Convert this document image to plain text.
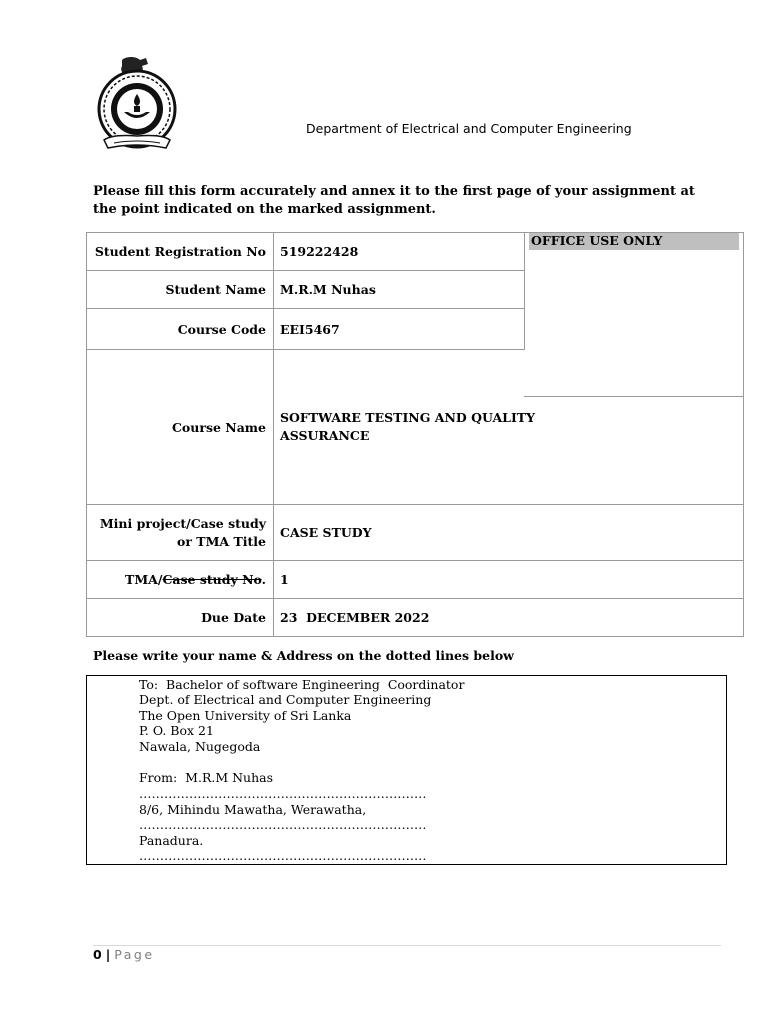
Department of Electrical and Computer Engineering
Please fill this form accurately and annex it to the first page of your assignment at the point indicated on the marked assignment.
OFFICE USE ONLY
Student Registration No 519222428
Student Name M.R.M Nuhas
Course Code EEI5467
Course Name
SOFTWARE TESTING AND QUALITY
ASSURANCE
Mini project/Case study
or TMA Title
CASE STUDY
TMA/Case study No. 1
Due Date 23  DECEMBER 2022
Please write your name & Address on the dotted lines below
To:  Bachelor of software Engineering  Coordinator
Dept. of Electrical and Computer Engineering
The Open University of Sri Lanka
P. O. Box 21
Nawala, Nugegoda
From:  M.R.M Nuhas
……………………………………………………………
8/6, Mihindu Mawatha, Werawatha,
……………………………………………………………
Panadura.
……………………………………………………………
0 | Page
